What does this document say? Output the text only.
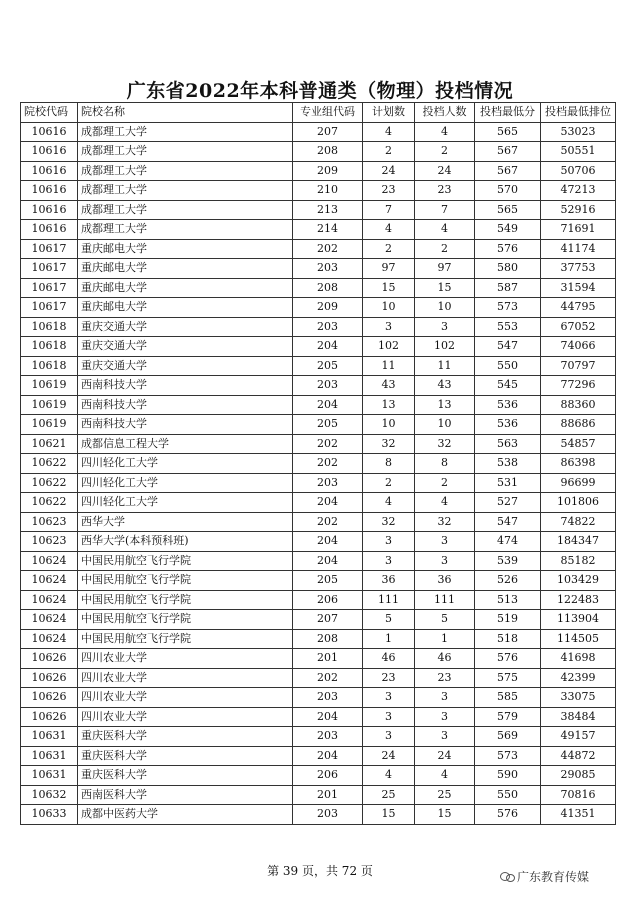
广东省2022年本科普通类（物理）投档情况
院校代码	院校名称	专业组代码	计划数	投档人数	投档最低分	投档最低排位
10616	成都理工大学	207	4	4	565	53023
10616	成都理工大学	208	2	2	567	50551
10616	成都理工大学	209	24	24	567	50706
10616	成都理工大学	210	23	23	570	47213
10616	成都理工大学	213	7	7	565	52916
10616	成都理工大学	214	4	4	549	71691
10617	重庆邮电大学	202	2	2	576	41174
10617	重庆邮电大学	203	97	97	580	37753
10617	重庆邮电大学	208	15	15	587	31594
10617	重庆邮电大学	209	10	10	573	44795
10618	重庆交通大学	203	3	3	553	67052
10618	重庆交通大学	204	102	102	547	74066
10618	重庆交通大学	205	11	11	550	70797
10619	西南科技大学	203	43	43	545	77296
10619	西南科技大学	204	13	13	536	88360
10619	西南科技大学	205	10	10	536	88686
10621	成都信息工程大学	202	32	32	563	54857
10622	四川轻化工大学	202	8	8	538	86398
10622	四川轻化工大学	203	2	2	531	96699
10622	四川轻化工大学	204	4	4	527	101806
10623	西华大学	202	32	32	547	74822
10623	西华大学(本科预科班)	204	3	3	474	184347
10624	中国民用航空飞行学院	204	3	3	539	85182
10624	中国民用航空飞行学院	205	36	36	526	103429
10624	中国民用航空飞行学院	206	111	111	513	122483
10624	中国民用航空飞行学院	207	5	5	519	113904
10624	中国民用航空飞行学院	208	1	1	518	114505
10626	四川农业大学	201	46	46	576	41698
10626	四川农业大学	202	23	23	575	42399
10626	四川农业大学	203	3	3	585	33075
10626	四川农业大学	204	3	3	579	38484
10631	重庆医科大学	203	3	3	569	49157
10631	重庆医科大学	204	24	24	573	44872
10631	重庆医科大学	206	4	4	590	29085
10632	西南医科大学	201	25	25	550	70816
10633	成都中医药大学	203	15	15	576	41351
第 39 页，共 72 页	广东教育传媒
